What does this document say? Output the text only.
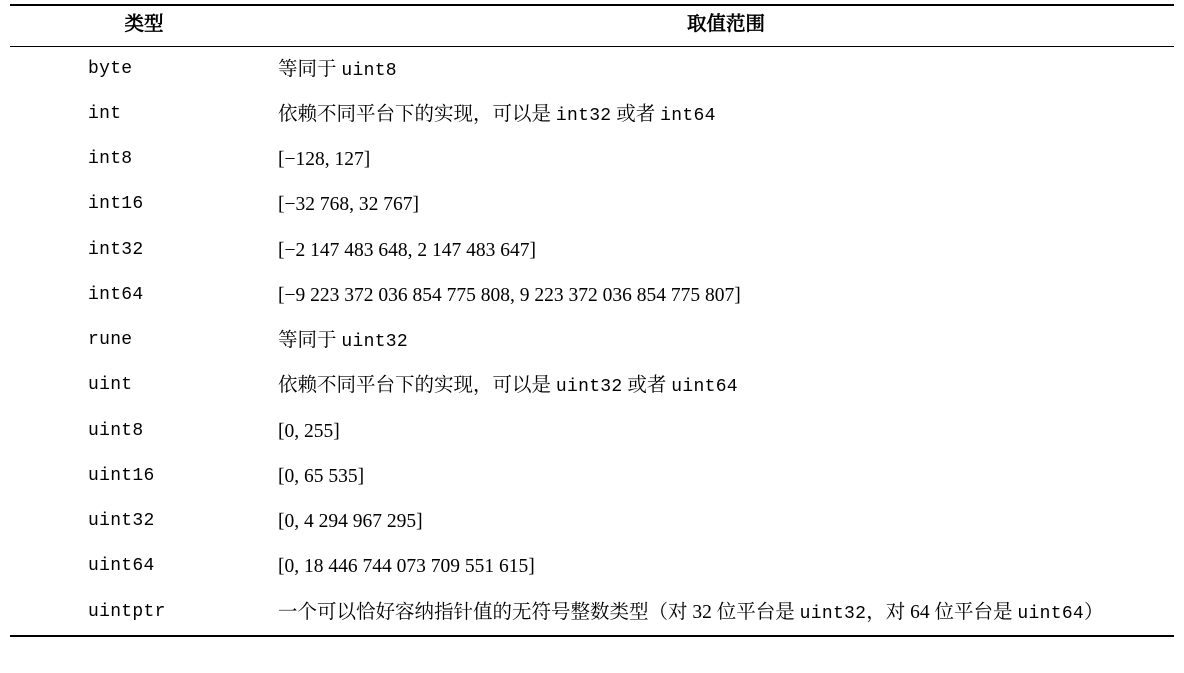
类型	取值范围
byte	等同于 uint8
int	依赖不同平台下的实现，可以是 int32 或者 int64
int8	[−128, 127]
int16	[−32 768, 32 767]
int32	[−2 147 483 648, 2 147 483 647]
int64	[−9 223 372 036 854 775 808, 9 223 372 036 854 775 807]
rune	等同于 uint32
uint	依赖不同平台下的实现，可以是 uint32 或者 uint64
uint8	[0, 255]
uint16	[0, 65 535]
uint32	[0, 4 294 967 295]
uint64	[0, 18 446 744 073 709 551 615]
uintptr	一个可以恰好容纳指针值的无符号整数类型（对 32 位平台是 uint32，对 64 位平台是 uint64）
